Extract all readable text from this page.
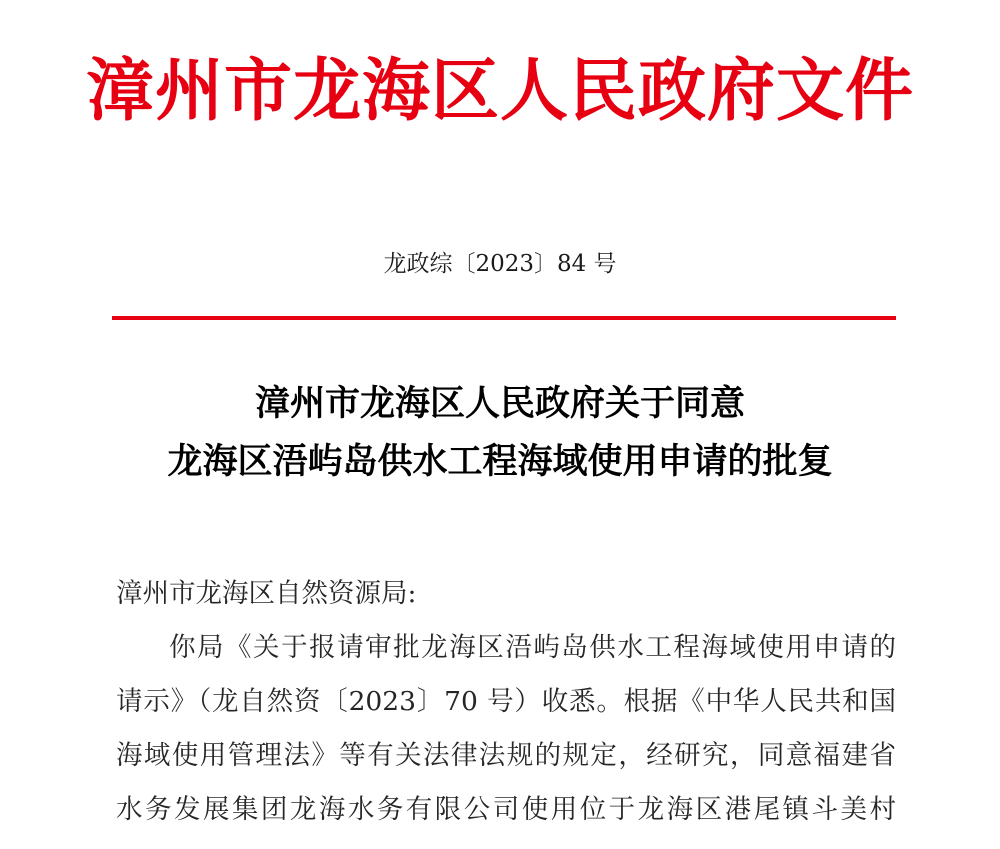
漳州市龙海区人民政府文件
龙政综〔2023〕84 号
漳州市龙海区人民政府关于同意
龙海区浯屿岛供水工程海域使用申请的批复
漳州市龙海区自然资源局:
你局《关于报请审批龙海区浯屿岛供水工程海域使用申请的
请示》（龙自然资〔2023〕70 号）收悉。根据《中华人民共和国
海域使用管理法》等有关法律法规的规定，经研究，同意福建省
水务发展集团龙海水务有限公司使用位于龙海区港尾镇斗美村
